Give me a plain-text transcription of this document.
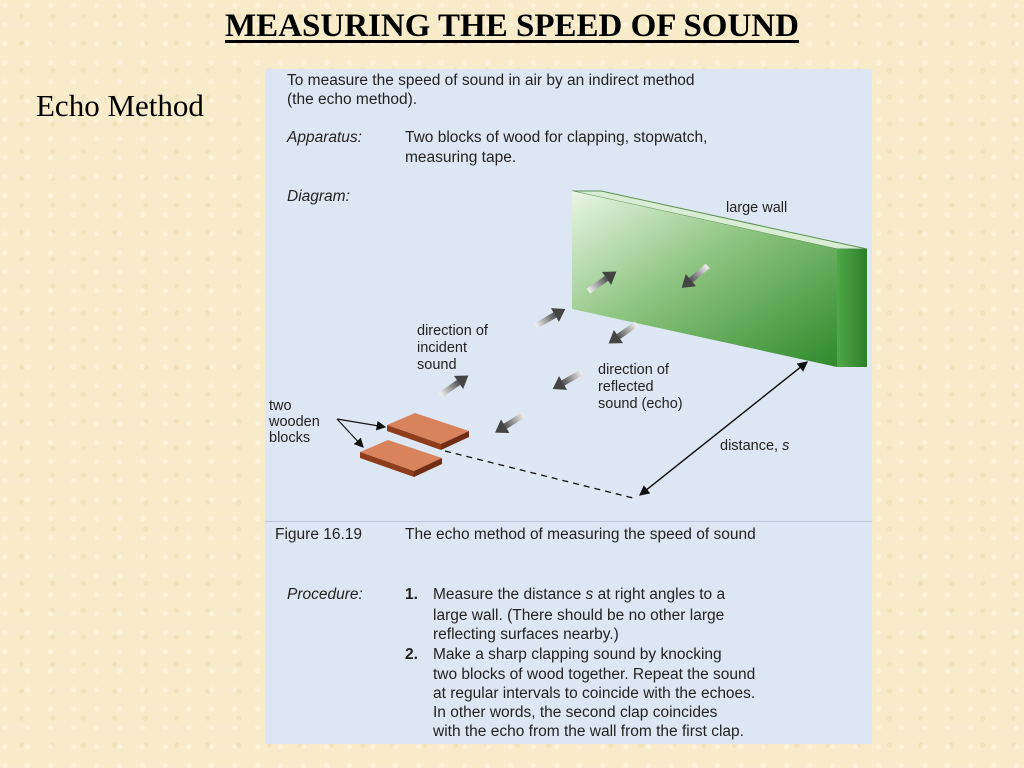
MEASURING THE SPEED OF SOUND
Echo Method
To measure the speed of sound in air by an indirect method
(the echo method).
Apparatus:	Two blocks of wood for clapping, stopwatch,
measuring tape.
Diagram:
large wall
direction of
incident
sound	direction of
reflected
sound (echo)
two
wooden
blocks	distance, s
Figure 16.19	The echo method of measuring the speed of sound
Procedure:	1. Measure the distance s at right angles to a
large wall. (There should be no other large
reflecting surfaces nearby.)
2. Make a sharp clapping sound by knocking
two blocks of wood together. Repeat the sound
at regular intervals to coincide with the echoes.
In other words, the second clap coincides
with the echo from the wall from the first clap.
